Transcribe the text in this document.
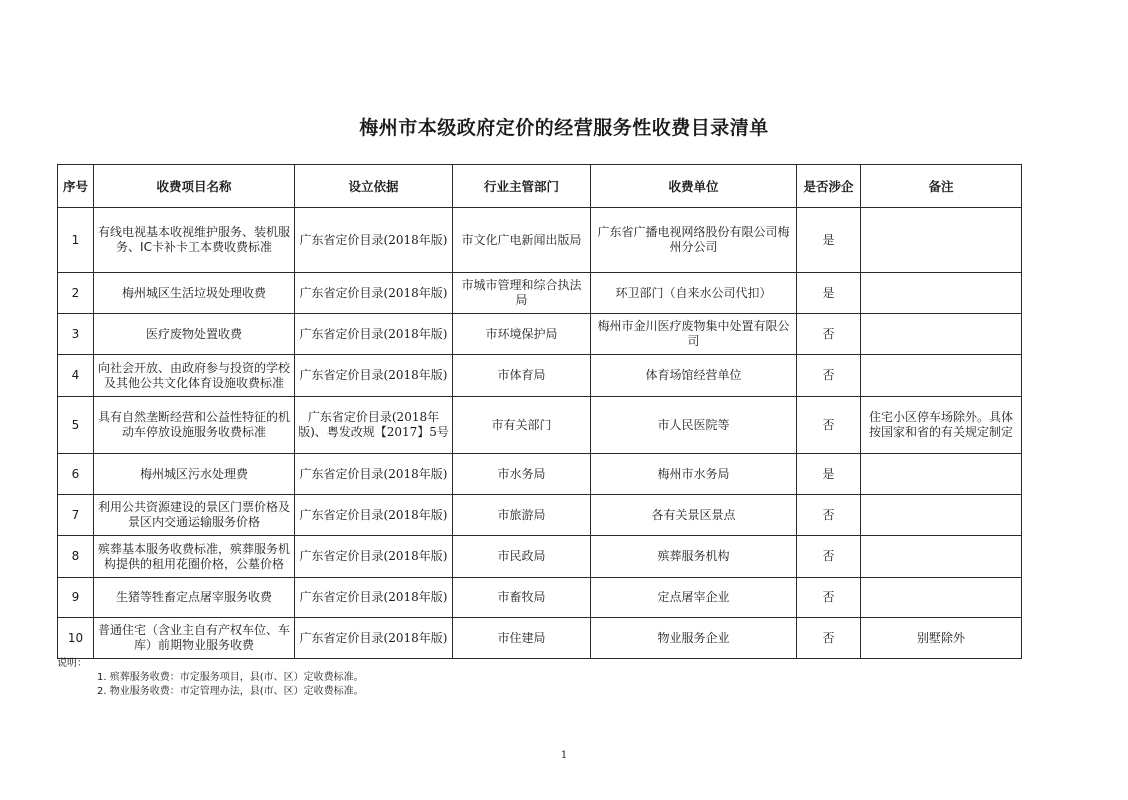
梅州市本级政府定价的经营服务性收费目录清单
序号	收费项目名称	设立依据	行业主管部门	收费单位	是否涉企	备注
1	有线电视基本收视维护服务、装机服务、IC卡补卡工本费收费标准	广东省定价目录(2018年版)	市文化广电新闻出版局	广东省广播电视网络股份有限公司梅州分公司	是	
2	梅州城区生活垃圾处理收费	广东省定价目录(2018年版)	市城市管理和综合执法局	环卫部门（自来水公司代扣）	是	
3	医疗废物处置收费	广东省定价目录(2018年版)	市环境保护局	梅州市金川医疗废物集中处置有限公司	否	
4	向社会开放、由政府参与投资的学校及其他公共文化体育设施收费标准	广东省定价目录(2018年版)	市体育局	体育场馆经营单位	否	
5	具有自然垄断经营和公益性特征的机动车停放设施服务收费标准	广东省定价目录(2018年版)、粤发改规【2017】5号	市有关部门	市人民医院等	否	住宅小区停车场除外。具体按国家和省的有关规定制定
6	梅州城区污水处理费	广东省定价目录(2018年版)	市水务局	梅州市水务局	是	
7	利用公共资源建设的景区门票价格及景区内交通运输服务价格	广东省定价目录(2018年版)	市旅游局	各有关景区景点	否	
8	殡葬基本服务收费标准，殡葬服务机构提供的租用花圈价格，公墓价格	广东省定价目录(2018年版)	市民政局	殡葬服务机构	否	
9	生猪等牲畜定点屠宰服务收费	广东省定价目录(2018年版)	市畜牧局	定点屠宰企业	否	
10	普通住宅（含业主自有产权车位、车库）前期物业服务收费	广东省定价目录(2018年版)	市住建局	物业服务企业	否	别墅除外
说明：
1. 殡葬服务收费：市定服务项目，县(市、区）定收费标准。
2. 物业服务收费：市定管理办法，县(市、区）定收费标准。
1
